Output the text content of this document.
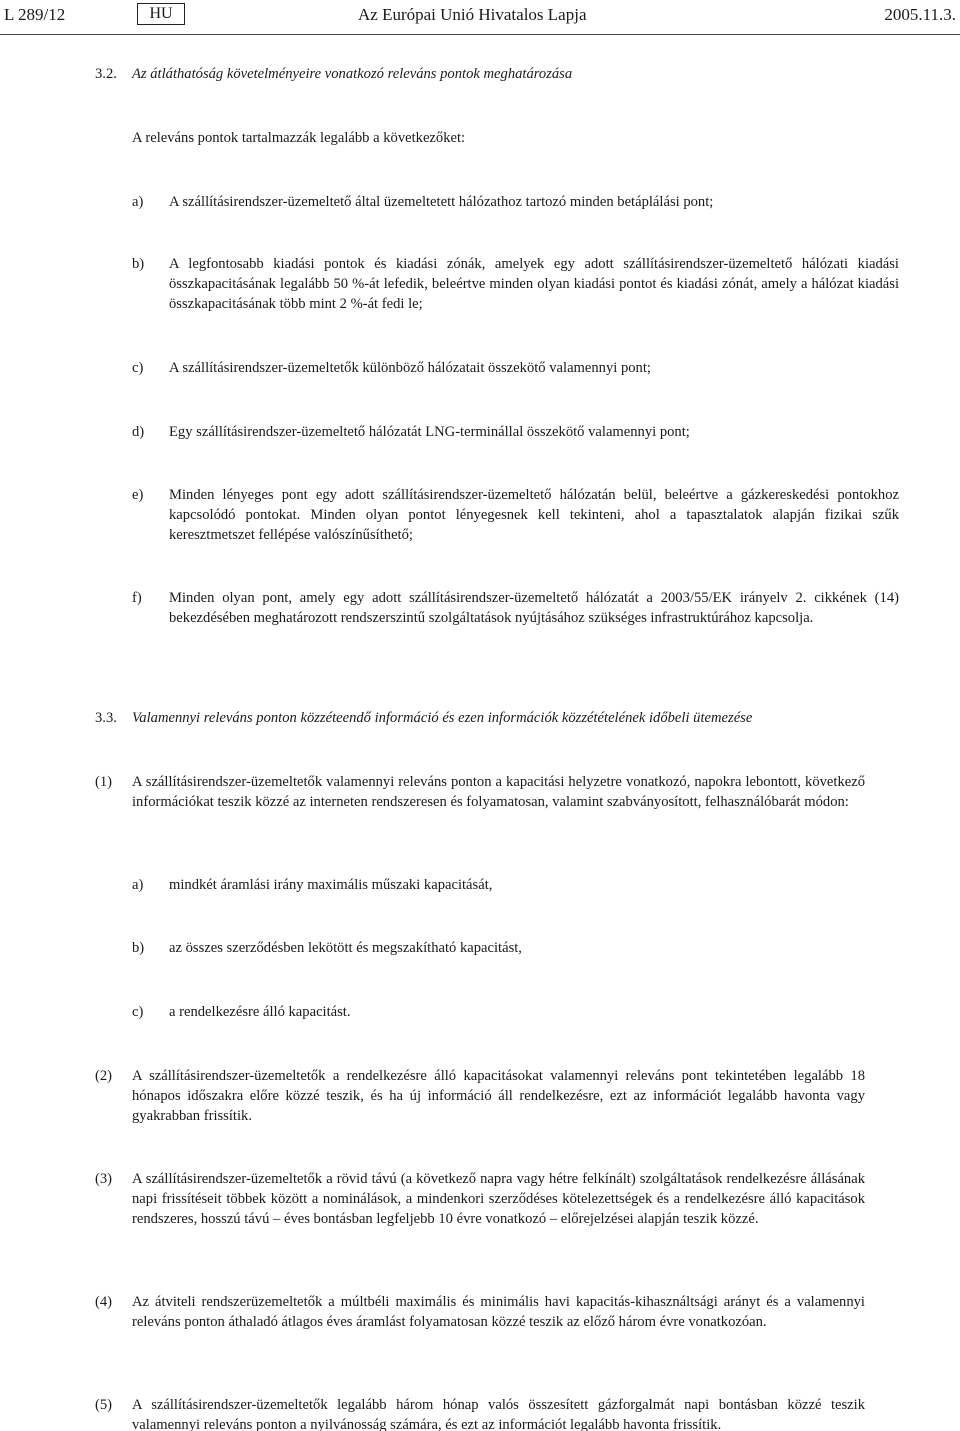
L 289/12	HU	Az Európai Unió Hivatalos Lapja	2005.11.3.
3.2. Az átláthatóság követelményeire vonatkozó releváns pontok meghatározása
A releváns pontok tartalmazzák legalább a következőket:
a) A szállításirendszer-üzemeltető által üzemeltetett hálózathoz tartozó minden betáplálási pont;
b) A legfontosabb kiadási pontok és kiadási zónák, amelyek egy adott szállításirendszer-üzemeltető hálózati kiadási összkapacitásának legalább 50 %-át lefedik, beleértve minden olyan kiadási pontot és kiadási zónát, amely a hálózat kiadási összkapacitásának több mint 2 %-át fedi le;
c) A szállításirendszer-üzemeltetők különböző hálózatait összekötő valamennyi pont;
d) Egy szállításirendszer-üzemeltető hálózatát LNG-terminállal összekötő valamennyi pont;
e) Minden lényeges pont egy adott szállításirendszer-üzemeltető hálózatán belül, beleértve a gázkereskedési pontokhoz kapcsolódó pontokat. Minden olyan pontot lényegesnek kell tekinteni, ahol a tapasztalatok alapján fizikai szűk keresztmetszet fellépése valószínűsíthető;
f) Minden olyan pont, amely egy adott szállításirendszer-üzemeltető hálózatát a 2003/55/EK irányelv 2. cikkének (14) bekezdésében meghatározott rendszerszintű szolgáltatások nyújtásához szükséges infrastruktúrához kapcsolja.
3.3. Valamennyi releváns ponton közzéteendő információ és ezen információk közzétételének időbeli ütemezése
(1) A szállításirendszer-üzemeltetők valamennyi releváns ponton a kapacitási helyzetre vonatkozó, napokra lebontott, következő információkat teszik közzé az interneten rendszeresen és folyamatosan, valamint szabványosított, felhasználóbarát módon:
a) mindkét áramlási irány maximális műszaki kapacitását,
b) az összes szerződésben lekötött és megszakítható kapacitást,
c) a rendelkezésre álló kapacitást.
(2) A szállításirendszer-üzemeltetők a rendelkezésre álló kapacitásokat valamennyi releváns pont tekintetében legalább 18 hónapos időszakra előre közzé teszik, és ha új információ áll rendelkezésre, ezt az információt legalább havonta vagy gyakrabban frissítik.
(3) A szállításirendszer-üzemeltetők a rövid távú (a következő napra vagy hétre felkínált) szolgáltatások rendelkezésre állásának napi frissítéseit többek között a nominálások, a mindenkori szerződéses kötelezettségek és a rendelkezésre álló kapacitások rendszeres, hosszú távú – éves bontásban legfeljebb 10 évre vonatkozó – előrejelzései alapján teszik közzé.
(4) Az átviteli rendszerüzemeltetők a múltbéli maximális és minimális havi kapacitás-kihasználtsági arányt és a valamennyi releváns ponton áthaladó átlagos éves áramlást folyamatosan közzé teszik az előző három évre vonatkozóan.
(5) A szállításirendszer-üzemeltetők legalább három hónap valós összesített gázforgalmát napi bontásban közzé teszik valamennyi releváns ponton a nyilvánosság számára, és ezt az információt legalább havonta frissítik.
